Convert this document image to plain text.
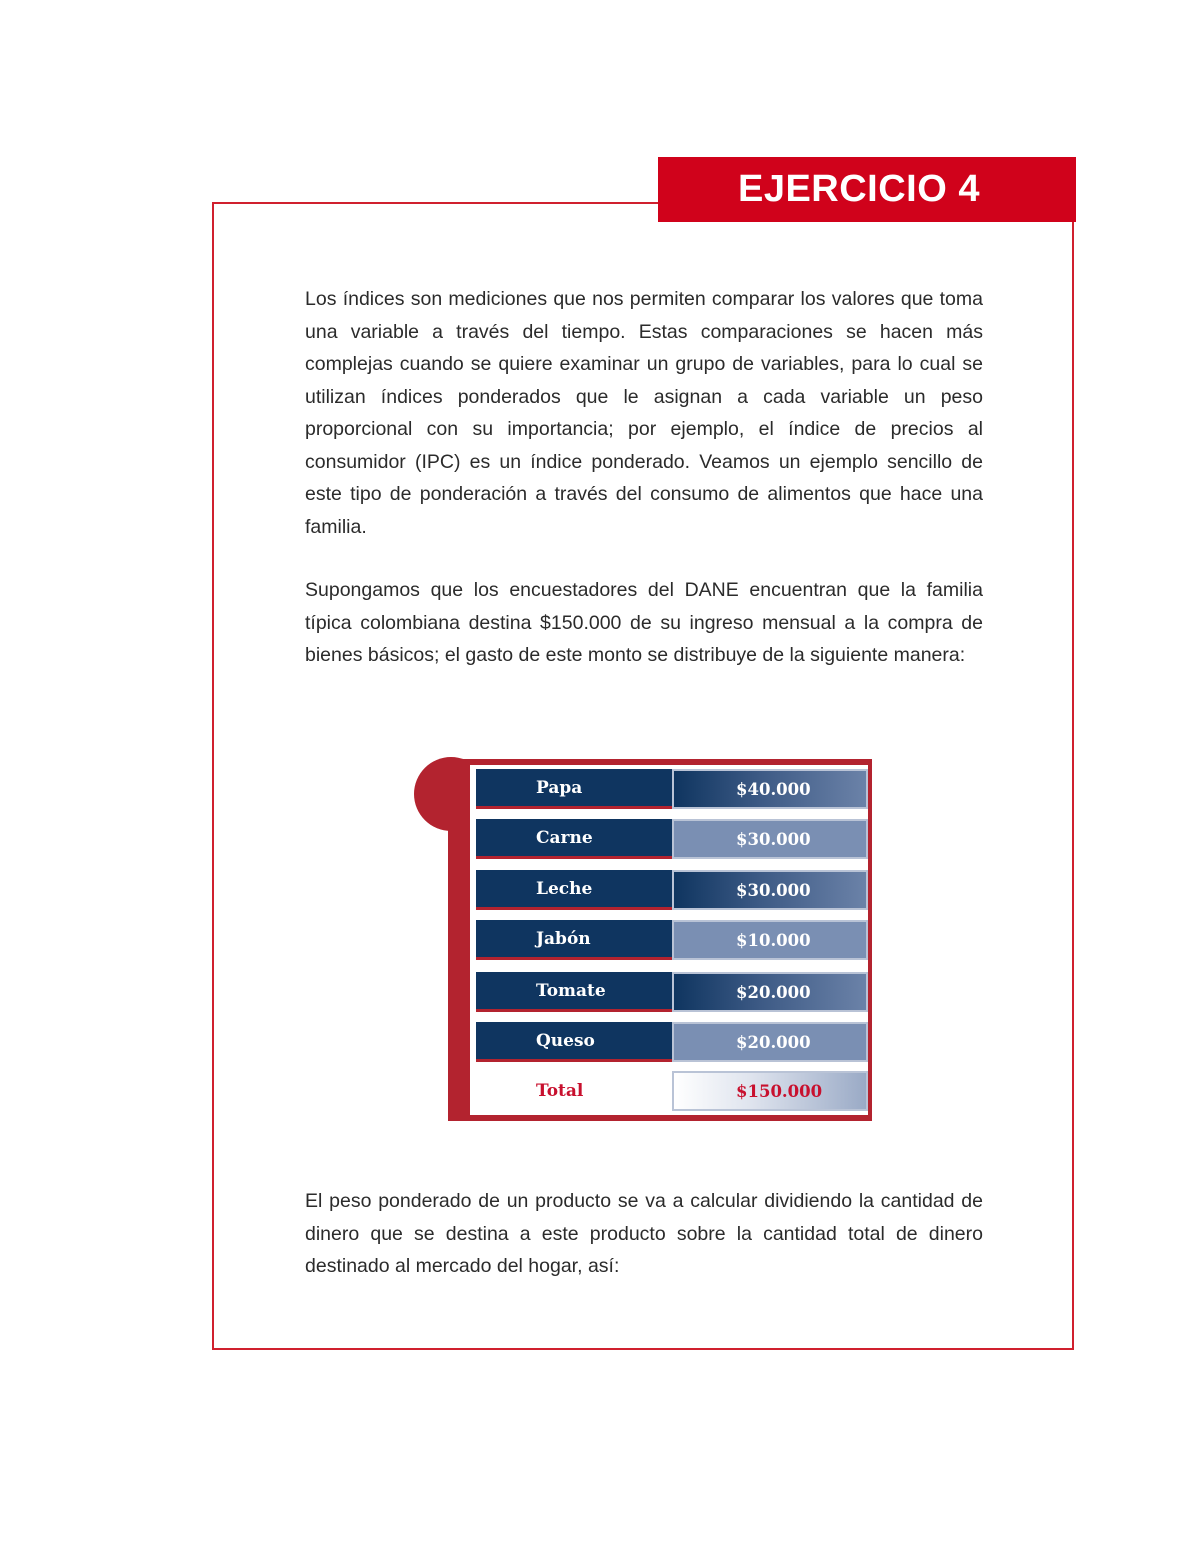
EJERCICIO 4

Los índices son mediciones que nos permiten comparar los valores que toma una variable a través del tiempo. Estas comparaciones se hacen más complejas cuando se quiere examinar un grupo de variables, para lo cual se utilizan índices ponderados que le asignan a cada variable un peso proporcional con su importancia; por ejemplo, el índice de precios al consumidor (IPC) es un índice ponderado. Veamos un ejemplo sencillo de este tipo de ponderación a través del consumo de alimentos que hace una familia.

Supongamos que los encuestadores del DANE encuentran que la familia típica colombiana destina $150.000 de su ingreso mensual a la compra de bienes básicos; el gasto de este monto se distribuye de la siguiente manera:

Papa	$40.000
Carne	$30.000
Leche	$30.000
Jabón	$10.000
Tomate	$20.000
Queso	$20.000
Total	$150.000

El peso ponderado de un producto se va a calcular dividiendo la cantidad de dinero que se destina a este producto sobre la cantidad total de dinero destinado al mercado del hogar, así:
